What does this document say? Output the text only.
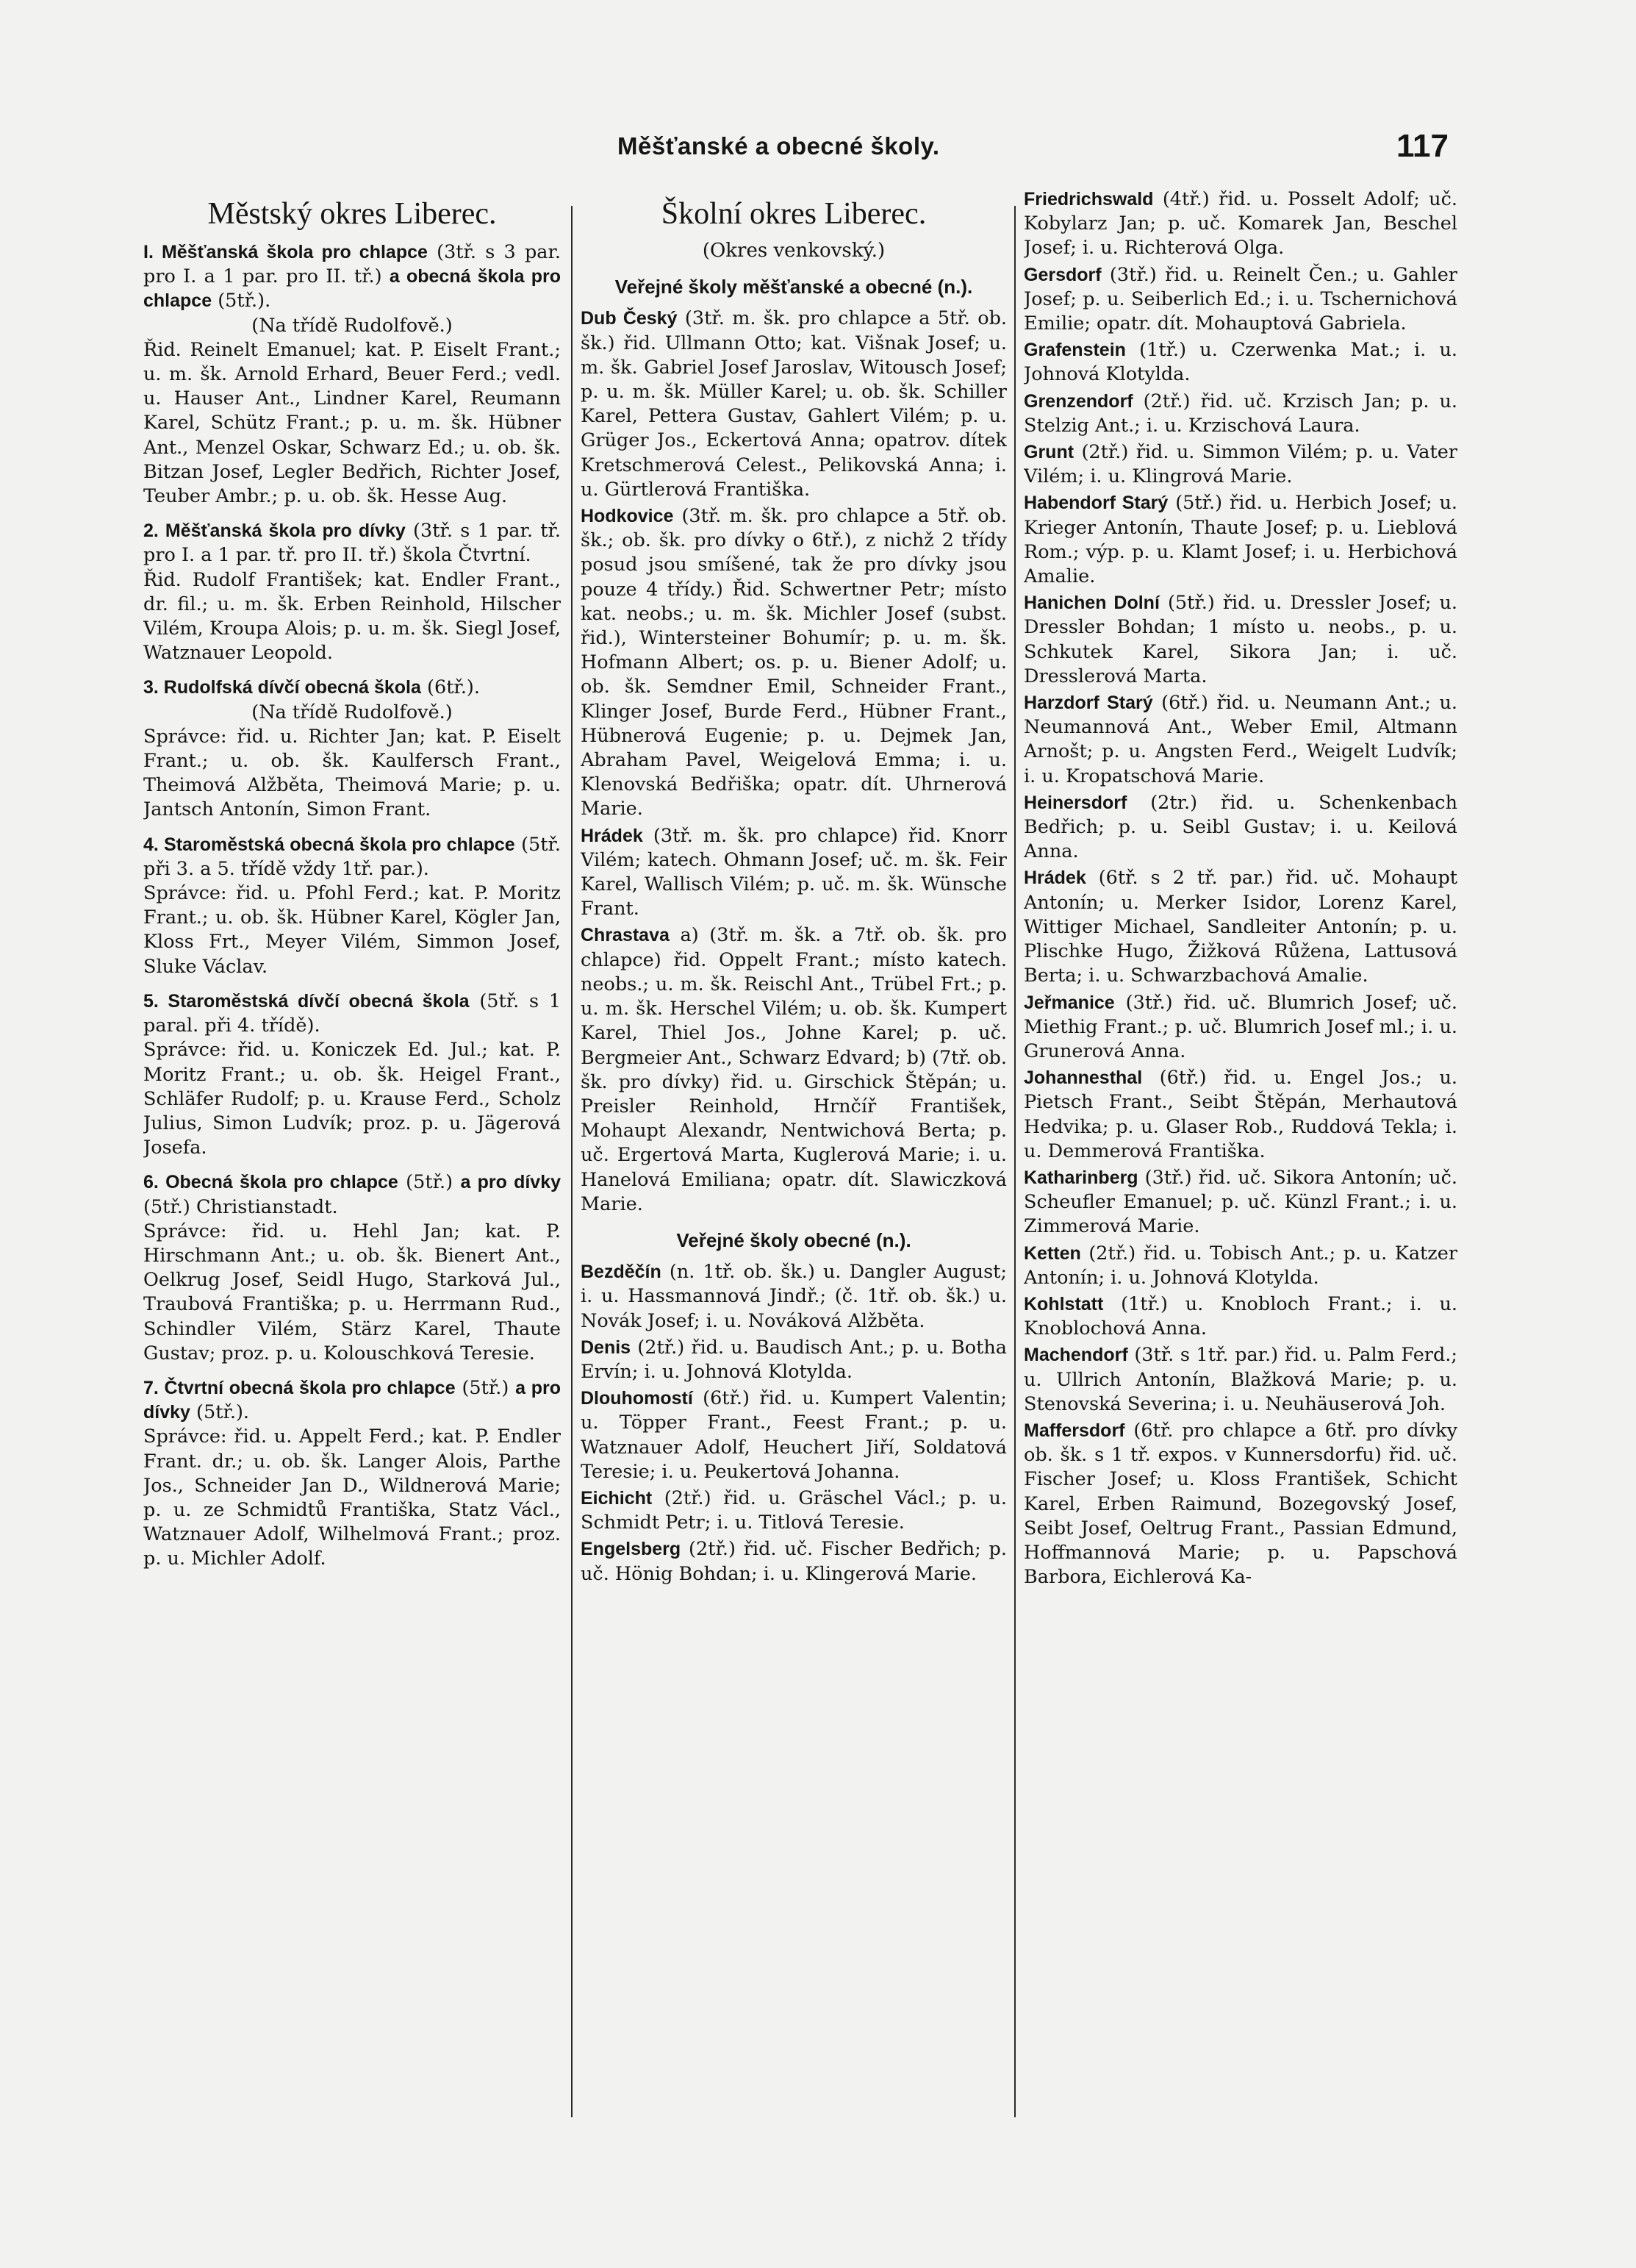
Měšťanské a obecné školy.	117
Městský okres Liberec.
I. Měšťanská škola pro chlapce (3tř. s 3 par. pro I. a 1 par. pro II. tř.) a obecná škola pro chlapce (5tř.).
(Na třídě Rudolfově.)
Řid. Reinelt Emanuel; kat. P. Eiselt Frant.; u. m. šk. Arnold Erhard, Beuer Ferd.; vedl. u. Hauser Ant., Lindner Karel, Reumann Karel, Schütz Frant.; p. u. m. šk. Hübner Ant., Menzel Oskar, Schwarz Ed.; u. ob. šk. Bitzan Josef, Legler Bedřich, Richter Josef, Teuber Ambr.; p. u. ob. šk. Hesse Aug.
2. Měšťanská škola pro dívky (3tř. s 1 par. tř. pro I. a 1 par. tř. pro II. tř.) škola Čtvrtní.
Řid. Rudolf František; kat. Endler Frant., dr. fil.; u. m. šk. Erben Reinhold, Hilscher Vilém, Kroupa Alois; p. u. m. šk. Siegl Josef, Watznauer Leopold.
3. Rudolfská dívčí obecná škola (6tř.).
(Na třídě Rudolfově.)
Správce: řid. u. Richter Jan; kat. P. Eiselt Frant.; u. ob. šk. Kaulfersch Frant., Theimová Alžběta, Theimová Marie; p. u. Jantsch Antonín, Simon Frant.
4. Staroměstská obecná škola pro chlapce (5tř. při 3. a 5. třídě vždy 1tř. par.).
Správce: řid. u. Pfohl Ferd.; kat. P. Moritz Frant.; u. ob. šk. Hübner Karel, Kögler Jan, Kloss Frt., Meyer Vilém, Simmon Josef, Sluke Václav.
5. Staroměstská dívčí obecná škola (5tř. s 1 paral. při 4. třídě).
Správce: řid. u. Koniczek Ed. Jul.; kat. P. Moritz Frant.; u. ob. šk. Heigel Frant., Schläfer Rudolf; p. u. Krause Ferd., Scholz Julius, Simon Ludvík; proz. p. u. Jägerová Josefa.
6. Obecná škola pro chlapce (5tř.) a pro dívky (5tř.) Christianstadt.
Správce: řid. u. Hehl Jan; kat. P. Hirschmann Ant.; u. ob. šk. Bienert Ant., Oelkrug Josef, Seidl Hugo, Starková Jul., Traubová Františka; p. u. Herrmann Rud., Schindler Vilém, Stärz Karel, Thaute Gustav; proz. p. u. Kolouschková Teresie.
7. Čtvrtní obecná škola pro chlapce (5tř.) a pro dívky (5tř.).
Správce: řid. u. Appelt Ferd.; kat. P. Endler Frant. dr.; u. ob. šk. Langer Alois, Parthe Jos., Schneider Jan D., Wildnerová Marie; p. u. ze Schmidtů Františka, Statz Václ., Watznauer Adolf, Wilhelmová Frant.; proz. p. u. Michler Adolf.
Školní okres Liberec.
(Okres venkovský.)
Veřejné školy měšťanské a obecné (n.).
Dub Český (3tř. m. šk. pro chlapce a 5tř. ob. šk.) řid. Ullmann Otto; kat. Višnak Josef; u. m. šk. Gabriel Josef Jaroslav, Witousch Josef; p. u. m. šk. Müller Karel; u. ob. šk. Schiller Karel, Pettera Gustav, Gahlert Vilém; p. u. Grüger Jos., Eckertová Anna; opatrov. dítek Kretschmerová Celest., Pelikovská Anna; i. u. Gürtlerová Františka.
Hodkovice (3tř. m. šk. pro chlapce a 5tř. ob. šk.; ob. šk. pro dívky o 6tř.), z nichž 2 třídy posud jsou smíšené, tak že pro dívky jsou pouze 4 třídy.) Řid. Schwertner Petr; místo kat. neobs.; u. m. šk. Michler Josef (subst. řid.), Wintersteiner Bohumír; p. u. m. šk. Hofmann Albert; os. p. u. Biener Adolf; u. ob. šk. Semdner Emil, Schneider Frant., Klinger Josef, Burde Ferd., Hübner Frant., Hübnerová Eugenie; p. u. Dejmek Jan, Abraham Pavel, Weigelová Emma; i. u. Klenovská Bedřiška; opatr. dít. Uhrnerová Marie.
Hrádek (3tř. m. šk. pro chlapce) řid. Knorr Vilém; katech. Ohmann Josef; uč. m. šk. Feir Karel, Wallisch Vilém; p. uč. m. šk. Wünsche Frant.
Chrastava a) (3tř. m. šk. a 7tř. ob. šk. pro chlapce) řid. Oppelt Frant.; místo katech. neobs.; u. m. šk. Reischl Ant., Trübel Frt.; p. u. m. šk. Herschel Vilém; u. ob. šk. Kumpert Karel, Thiel Jos., Johne Karel; p. uč. Bergmeier Ant., Schwarz Edvard; b) (7tř. ob. šk. pro dívky) řid. u. Girschick Štěpán; u. Preisler Reinhold, Hrnčíř František, Mohaupt Alexandr, Nentwichová Berta; p. uč. Ergertová Marta, Kuglerová Marie; i. u. Hanelová Emiliana; opatr. dít. Slawiczková Marie.
Veřejné školy obecné (n.).
Bezděčín (n. 1tř. ob. šk.) u. Dangler August; i. u. Hassmannová Jindř.; (č. 1tř. ob. šk.) u. Novák Josef; i. u. Nováková Alžběta.
Denis (2tř.) řid. u. Baudisch Ant.; p. u. Botha Ervín; i. u. Johnová Klotylda.
Dlouhomostí (6tř.) řid. u. Kumpert Valentin; u. Töpper Frant., Feest Frant.; p. u. Watznauer Adolf, Heuchert Jiří, Soldatová Teresie; i. u. Peukertová Johanna.
Eichicht (2tř.) řid. u. Gräschel Václ.; p. u. Schmidt Petr; i. u. Titlová Teresie.
Engelsberg (2tř.) řid. uč. Fischer Bedřich; p. uč. Hönig Bohdan; i. u. Klingerová Marie.
Friedrichswald (4tř.) řid. u. Posselt Adolf; uč. Kobylarz Jan; p. uč. Komarek Jan, Beschel Josef; i. u. Richterová Olga.
Gersdorf (3tř.) řid. u. Reinelt Čen.; u. Gahler Josef; p. u. Seiberlich Ed.; i. u. Tschernichová Emilie; opatr. dít. Mohauptová Gabriela.
Grafenstein (1tř.) u. Czerwenka Mat.; i. u. Johnová Klotylda.
Grenzendorf (2tř.) řid. uč. Krzisch Jan; p. u. Stelzig Ant.; i. u. Krzischová Laura.
Grunt (2tř.) řid. u. Simmon Vilém; p. u. Vater Vilém; i. u. Klingrová Marie.
Habendorf Starý (5tř.) řid. u. Herbich Josef; u. Krieger Antonín, Thaute Josef; p. u. Lieblová Rom.; výp. p. u. Klamt Josef; i. u. Herbichová Amalie.
Hanichen Dolní (5tř.) řid. u. Dressler Josef; u. Dressler Bohdan; 1 místo u. neobs., p. u. Schkutek Karel, Sikora Jan; i. uč. Dresslerová Marta.
Harzdorf Starý (6tř.) řid. u. Neumann Ant.; u. Neumannová Ant., Weber Emil, Altmann Arnošt; p. u. Angsten Ferd., Weigelt Ludvík; i. u. Kropatschová Marie.
Heinersdorf (2tr.) řid. u. Schenkenbach Bedřich; p. u. Seibl Gustav; i. u. Keilová Anna.
Hrádek (6tř. s 2 tř. par.) řid. uč. Mohaupt Antonín; u. Merker Isidor, Lorenz Karel, Wittiger Michael, Sandleiter Antonín; p. u. Plischke Hugo, Žižková Růžena, Lattusová Berta; i. u. Schwarzbachová Amalie.
Jeřmanice (3tř.) řid. uč. Blumrich Josef; uč. Miethig Frant.; p. uč. Blumrich Josef ml.; i. u. Grunerová Anna.
Johannesthal (6tř.) řid. u. Engel Jos.; u. Pietsch Frant., Seibt Štěpán, Merhautová Hedvika; p. u. Glaser Rob., Ruddová Tekla; i. u. Demmerová Františka.
Katharinberg (3tř.) řid. uč. Sikora Antonín; uč. Scheufler Emanuel; p. uč. Künzl Frant.; i. u. Zimmerová Marie.
Ketten (2tř.) řid. u. Tobisch Ant.; p. u. Katzer Antonín; i. u. Johnová Klotylda.
Kohlstatt (1tř.) u. Knobloch Frant.; i. u. Knoblochová Anna.
Machendorf (3tř. s 1tř. par.) řid. u. Palm Ferd.; u. Ullrich Antonín, Blažková Marie; p. u. Stenovská Severina; i. u. Neuhäuserová Joh.
Maffersdorf (6tř. pro chlapce a 6tř. pro dívky ob. šk. s 1 tř. expos. v Kunnersdorfu) řid. uč. Fischer Josef; u. Kloss František, Schicht Karel, Erben Raimund, Bozegovský Josef, Seibt Josef, Oeltrug Frant., Passian Edmund, Hoffmannová Marie; p. u. Papschová Barbora, Eichlerová Ka-
